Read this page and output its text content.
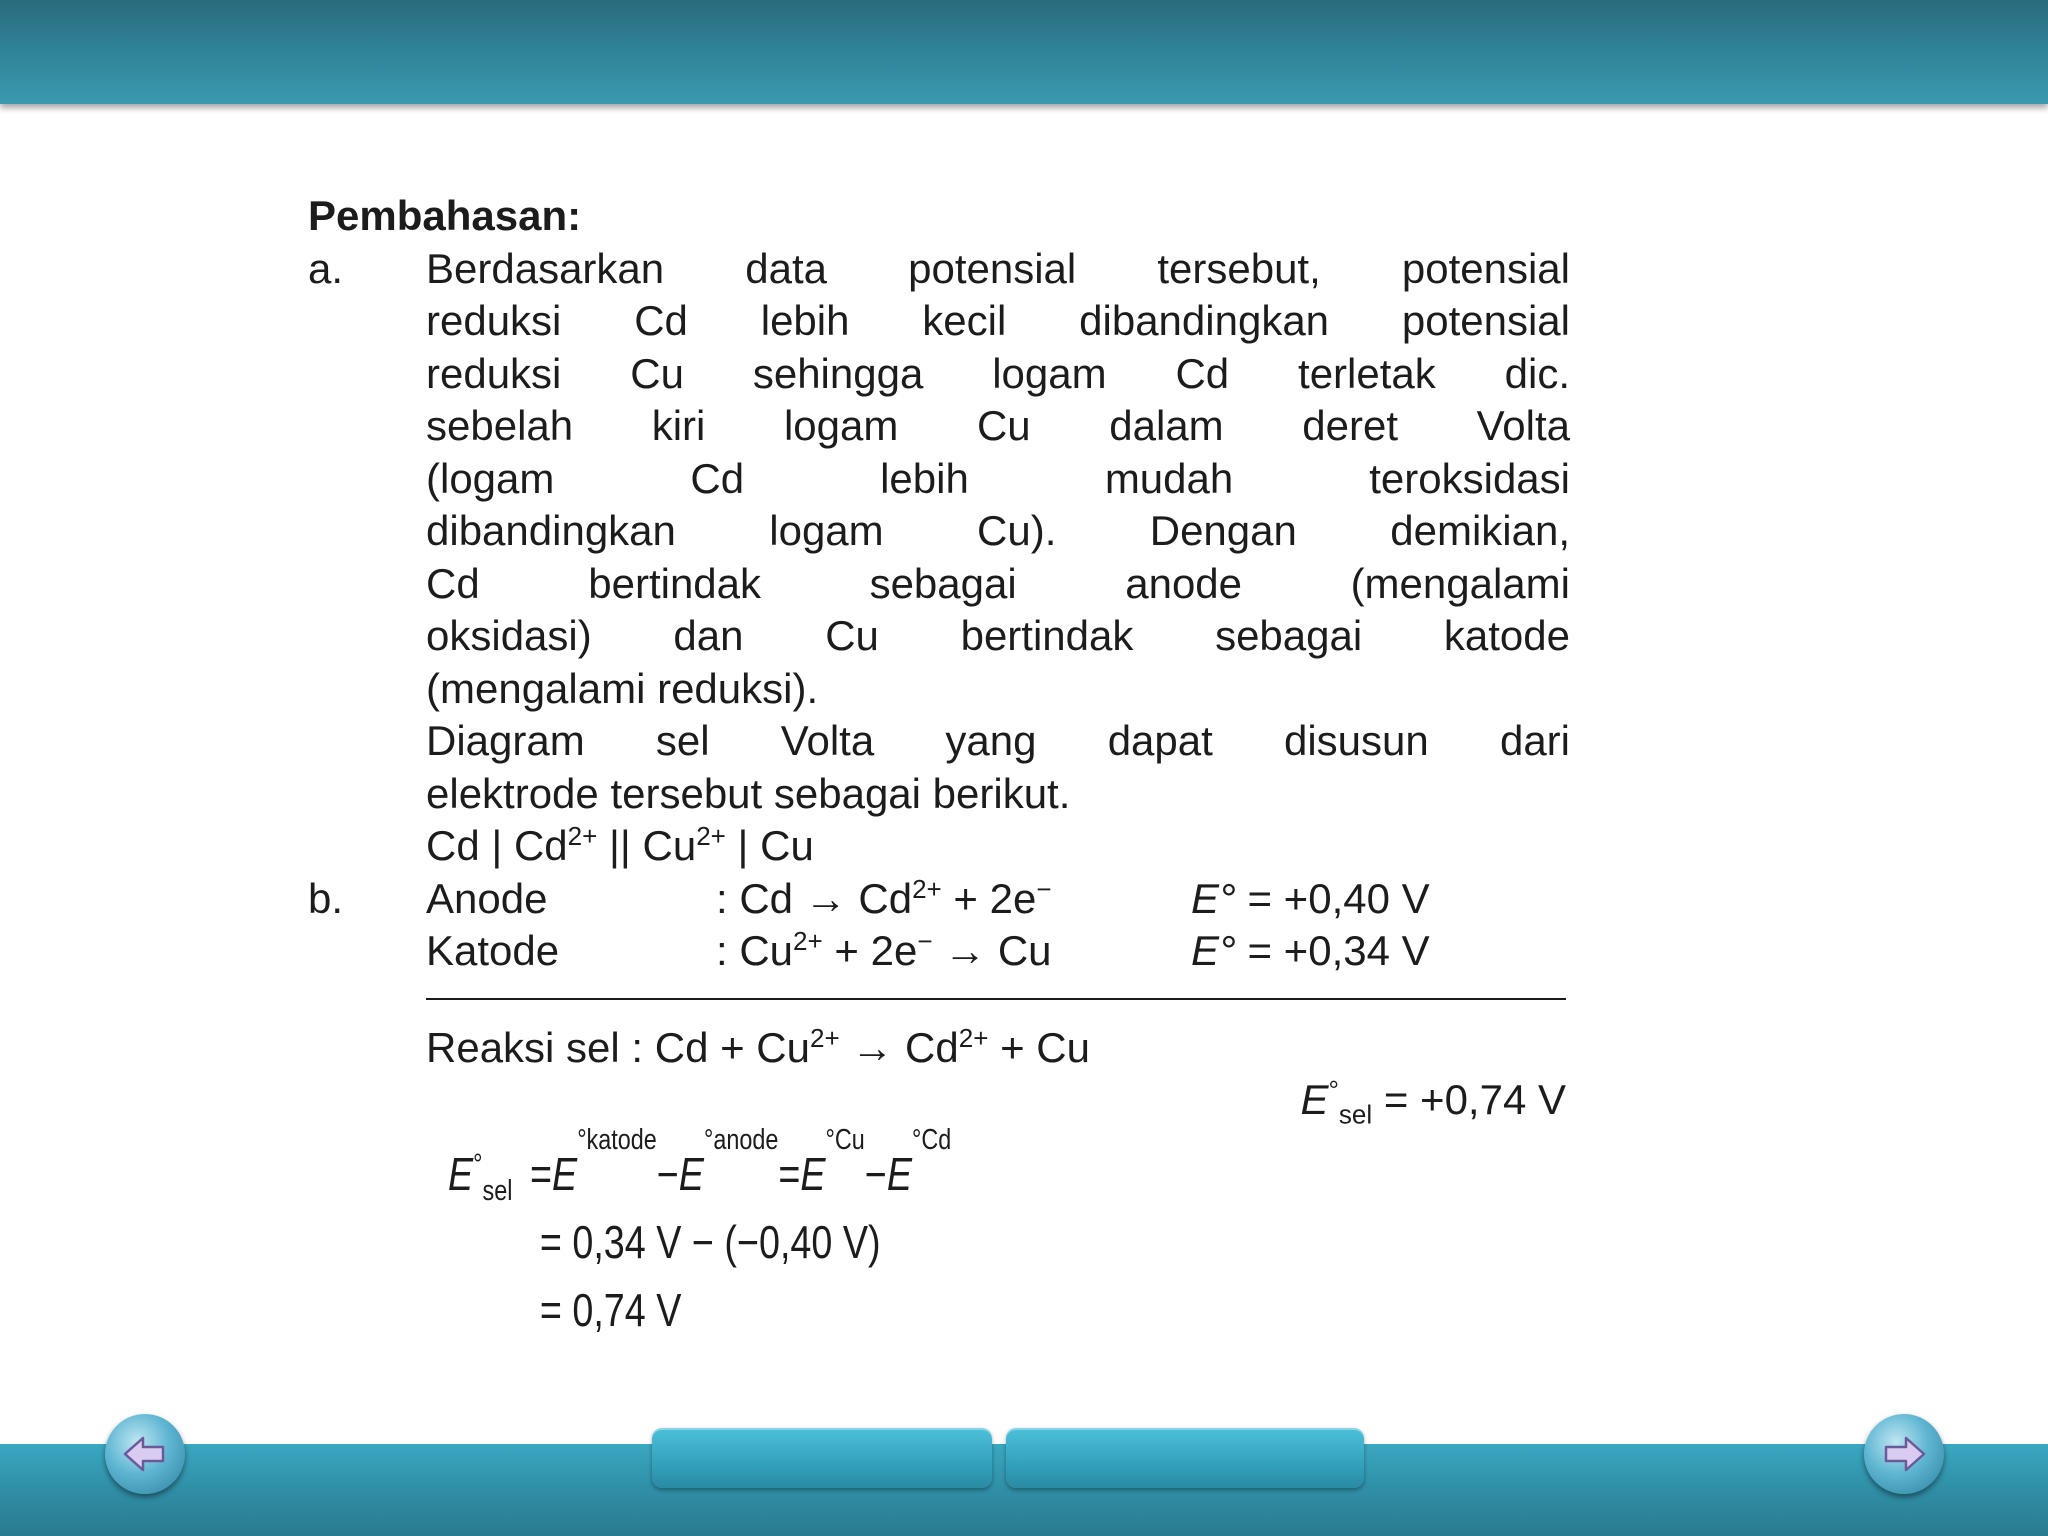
Pembahasan:
a. Berdasarkan data potensial tersebut, potensial
reduksi Cd lebih kecil dibandingkan potensial
reduksi Cu sehingga logam Cd terletak dic.
sebelah kiri logam Cu dalam deret Volta
(logam Cd lebih mudah teroksidasi
dibandingkan logam Cu). Dengan demikian,
Cd bertindak sebagai anode (mengalami
oksidasi) dan Cu bertindak sebagai katode
(mengalami reduksi).
Diagram sel Volta yang dapat disusun dari
elektrode tersebut sebagai berikut.
Cd | $Cd^{2+}$ || $Cu^{2+}$ | Cu
b. Anode	: $Cd \to Cd^{2+} + 2e^-$	E° = +0,40 V
Katode	: $Cu^{2+} + 2e^- \to Cu$	E° = +0,34 V
Reaksi sel : $Cd + Cu^{2+} \to Cd^{2+} + Cu$
$E^\circ_{sel} = +0,74$ V
$E^\circ_{sel} = E$
° katode
− E
° anode
= E
° Cu
− E
° Cd
= 0,34 V − (−0,40 V)
= 0,74 V
